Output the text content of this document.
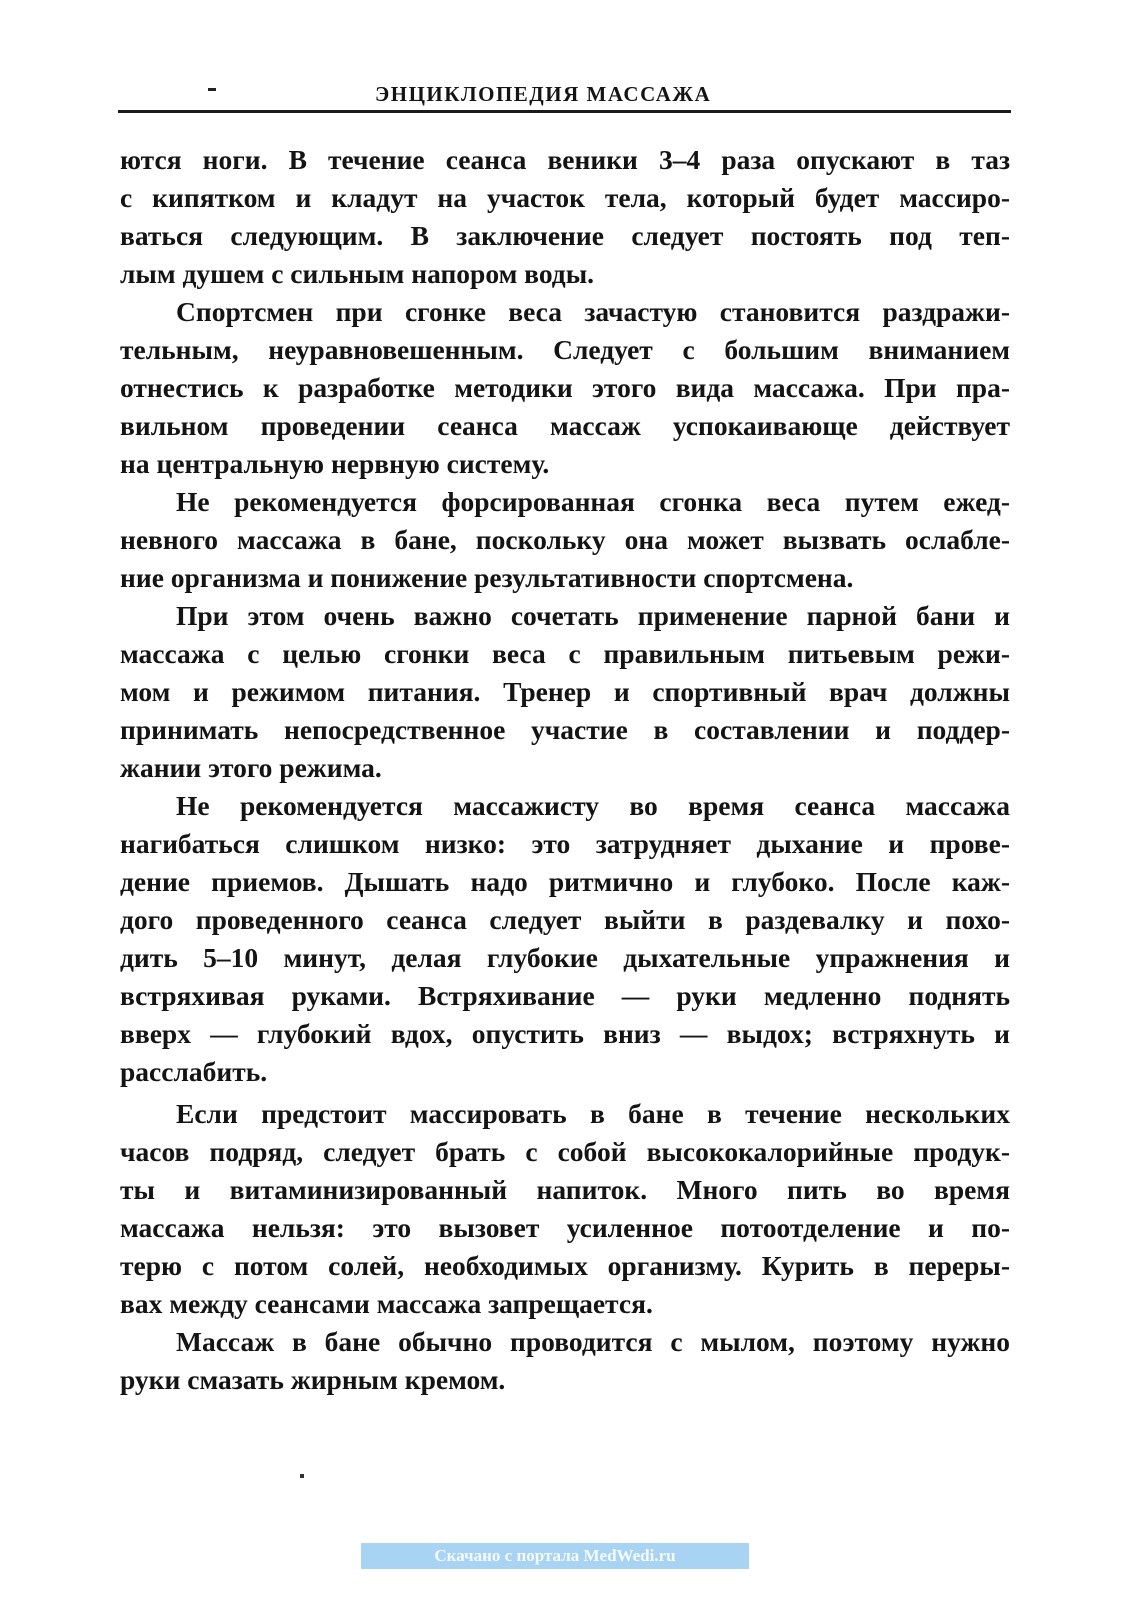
ЭНЦИКЛОПЕДИЯ МАССАЖА
ются ноги. В течение сеанса веники 3–4 раза опускают в таз
с кипятком и кладут на участок тела, который будет массиро-
ваться следующим. В заключение следует постоять под теп-
лым душем с сильным напором воды.
Спортсмен при сгонке веса зачастую становится раздражи-
тельным, неуравновешенным. Следует с большим вниманием
отнестись к разработке методики этого вида массажа. При пра-
вильном проведении сеанса массаж успокаивающе действует
на центральную нервную систему.
Не рекомендуется форсированная сгонка веса путем ежед-
невного массажа в бане, поскольку она может вызвать ослабле-
ние организма и понижение результативности спортсмена.
При этом очень важно сочетать применение парной бани и
массажа с целью сгонки веса с правильным питьевым режи-
мом и режимом питания. Тренер и спортивный врач должны
принимать непосредственное участие в составлении и поддер-
жании этого режима.
Не рекомендуется массажисту во время сеанса массажа
нагибаться слишком низко: это затрудняет дыхание и прове-
дение приемов. Дышать надо ритмично и глубоко. После каж-
дого проведенного сеанса следует выйти в раздевалку и похо-
дить 5–10 минут, делая глубокие дыхательные упражнения и
встряхивая руками. Встряхивание — руки медленно поднять
вверх — глубокий вдох, опустить вниз — выдох; встряхнуть и
расслабить.
Если предстоит массировать в бане в течение нескольких
часов подряд, следует брать с собой высококалорийные продук-
ты и витаминизированный напиток. Много пить во время
массажа нельзя: это вызовет усиленное потоотделение и по-
терю с потом солей, необходимых организму. Курить в переры-
вах между сеансами массажа запрещается.
Массаж в бане обычно проводится с мылом, поэтому нужно
руки смазать жирным кремом.
Скачано с портала MedWedi.ru
